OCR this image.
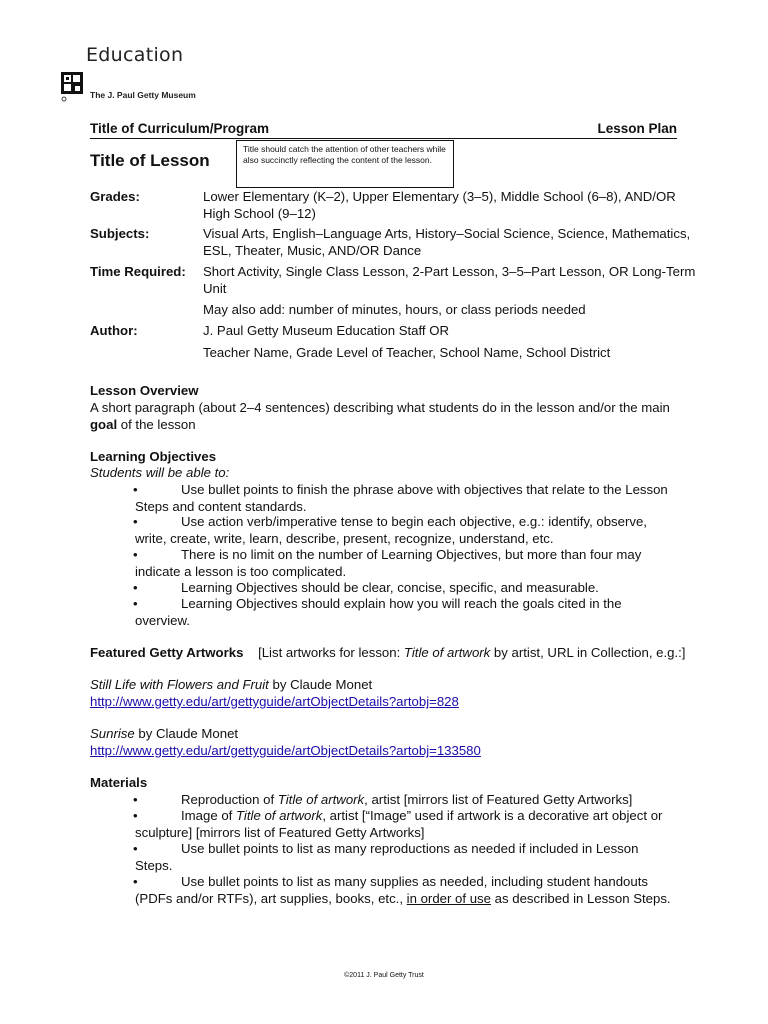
Education
The J. Paul Getty Museum
Title of Curriculum/Program	Lesson Plan
Title of Lesson
Title should catch the attention of other teachers while also succinctly reflecting the content of the lesson.
Grades:	Lower Elementary (K–2), Upper Elementary (3–5), Middle School (6–8), AND/OR High School (9–12)
Subjects:	Visual Arts, English–Language Arts, History–Social Science, Science, Mathematics, ESL, Theater, Music, AND/OR Dance
Time Required: Short Activity, Single Class Lesson, 2-Part Lesson, 3–5–Part Lesson, OR Long-Term Unit
May also add: number of minutes, hours, or class periods needed
Author:	J. Paul Getty Museum Education Staff OR
Teacher Name, Grade Level of Teacher, School Name, School District
Lesson Overview
A short paragraph (about 2–4 sentences) describing what students do in the lesson and/or the main goal of the lesson
Learning Objectives
Students will be able to:
•	Use bullet points to finish the phrase above with objectives that relate to the Lesson Steps and content standards.
•	Use action verb/imperative tense to begin each objective, e.g.: identify, observe, write, create, write, learn, describe, present, recognize, understand, etc.
•	There is no limit on the number of Learning Objectives, but more than four may indicate a lesson is too complicated.
•	Learning Objectives should be clear, concise, specific, and measurable.
•	Learning Objectives should explain how you will reach the goals cited in the overview.
Featured Getty Artworks [List artworks for lesson: Title of artwork by artist, URL in Collection, e.g.:]
Still Life with Flowers and Fruit by Claude Monet
http://www.getty.edu/art/gettyguide/artObjectDetails?artobj=828
Sunrise by Claude Monet
http://www.getty.edu/art/gettyguide/artObjectDetails?artobj=133580
Materials
•	Reproduction of Title of artwork, artist [mirrors list of Featured Getty Artworks]
•	Image of Title of artwork, artist [“Image” used if artwork is a decorative art object or sculpture] [mirrors list of Featured Getty Artworks]
•	Use bullet points to list as many reproductions as needed if included in Lesson Steps.
•	Use bullet points to list as many supplies as needed, including student handouts (PDFs and/or RTFs), art supplies, books, etc., in order of use as described in Lesson Steps.
©2011 J. Paul Getty Trust
